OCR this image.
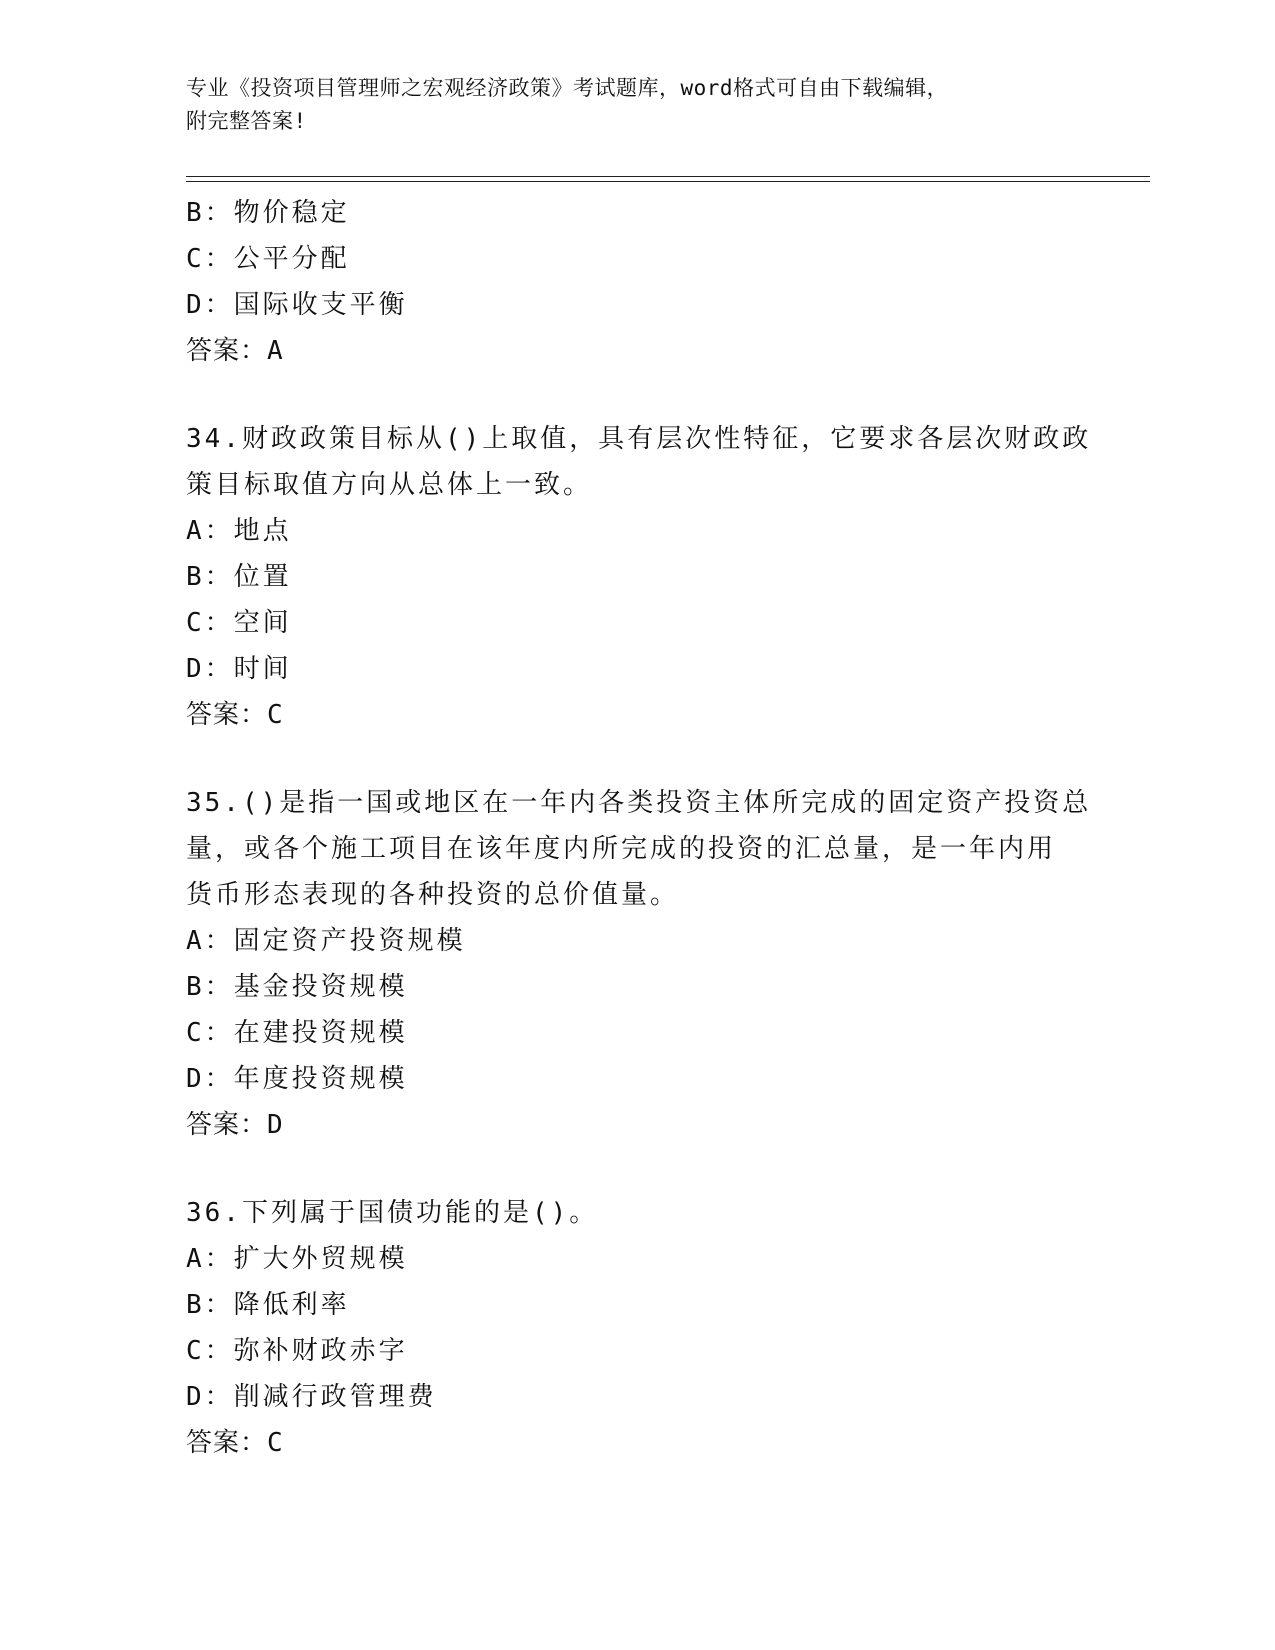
专业《投资项目管理师之宏观经济政策》考试题库，word格式可自由下载编辑，
附完整答案!
B：物价稳定
C：公平分配
D：国际收支平衡
答案：A
34.财政政策目标从()上取值，具有层次性特征，它要求各层次财政政
策目标取值方向从总体上一致。
A：地点
B：位置
C：空间
D：时间
答案：C
35.()是指一国或地区在一年内各类投资主体所完成的固定资产投资总
量，或各个施工项目在该年度内所完成的投资的汇总量，是一年内用
货币形态表现的各种投资的总价值量。
A：固定资产投资规模
B：基金投资规模
C：在建投资规模
D：年度投资规模
答案：D
36.下列属于国债功能的是()。
A：扩大外贸规模
B：降低利率
C：弥补财政赤字
D：削减行政管理费
答案：C
